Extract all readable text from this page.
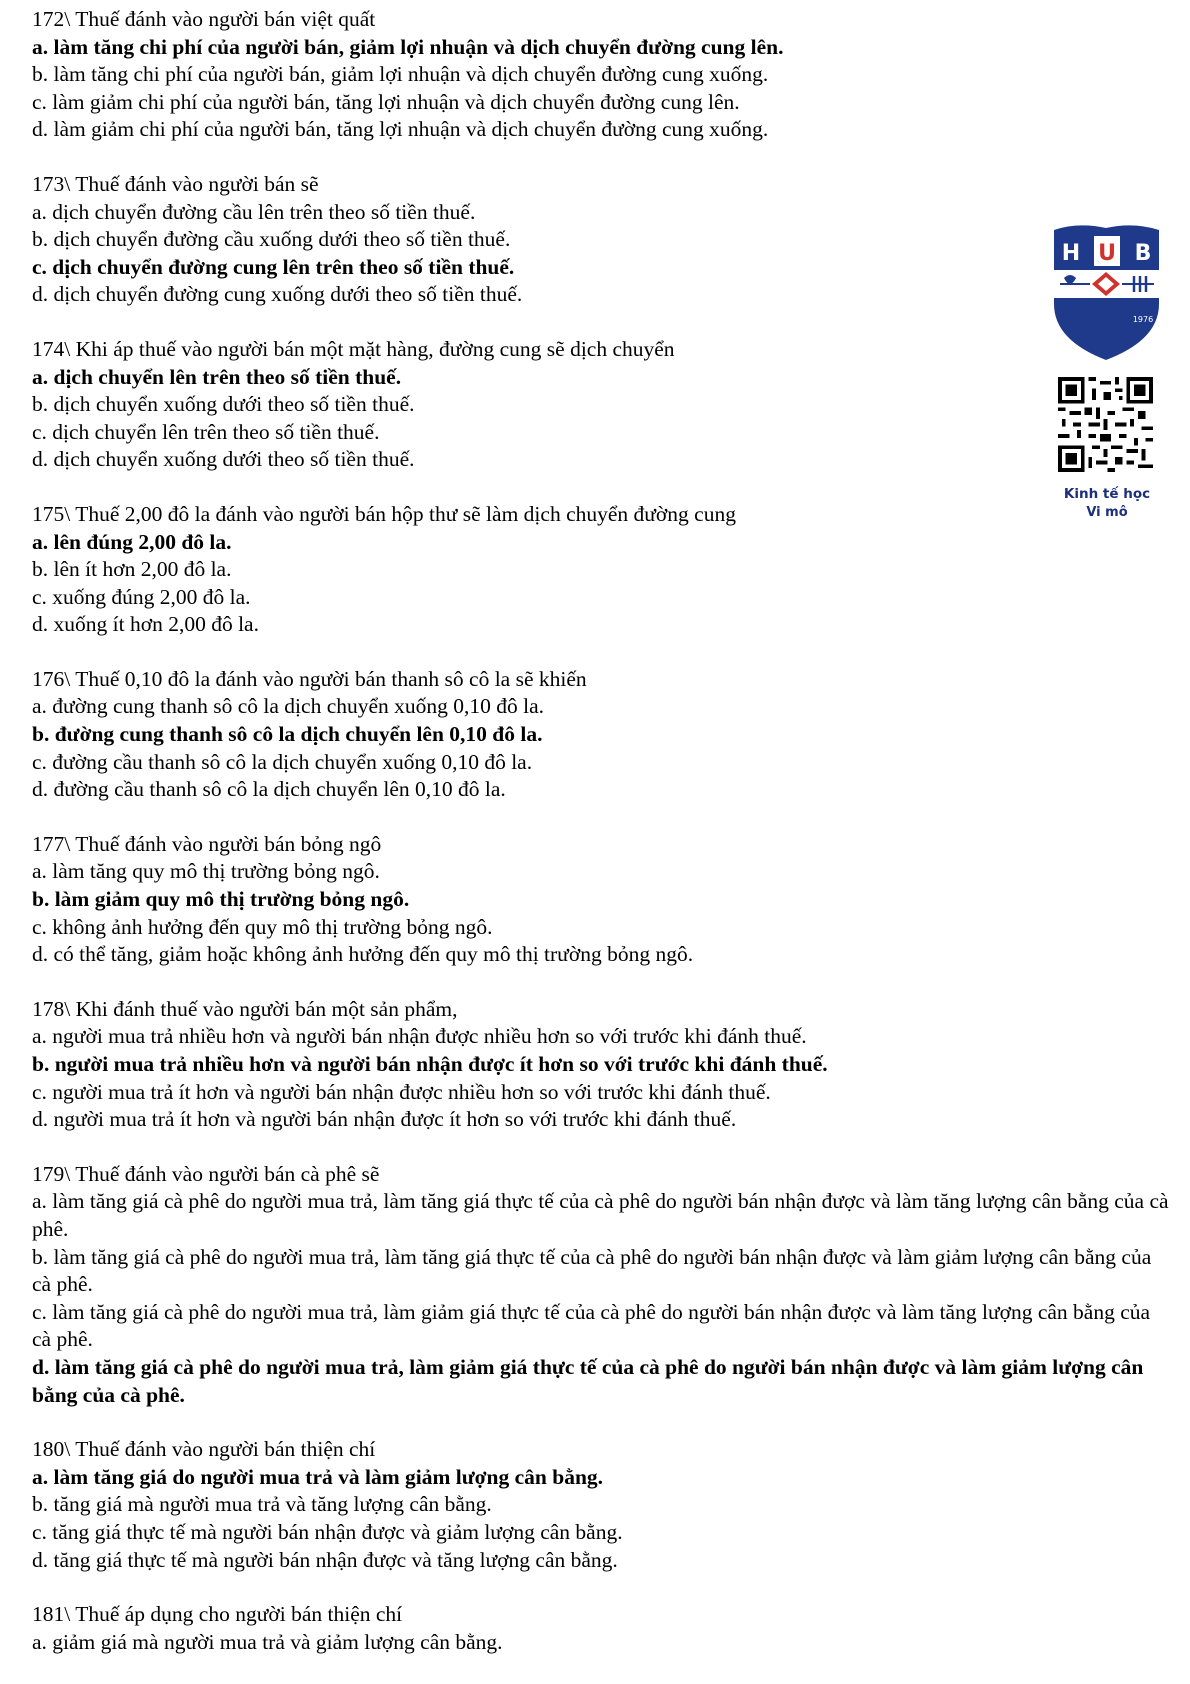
172\ Thuế đánh vào người bán việt quất
a. làm tăng chi phí của người bán, giảm lợi nhuận và dịch chuyển đường cung lên.
b. làm tăng chi phí của người bán, giảm lợi nhuận và dịch chuyển đường cung xuống.
c. làm giảm chi phí của người bán, tăng lợi nhuận và dịch chuyển đường cung lên.
d. làm giảm chi phí của người bán, tăng lợi nhuận và dịch chuyển đường cung xuống.
173\ Thuế đánh vào người bán sẽ
a. dịch chuyển đường cầu lên trên theo số tiền thuế.
b. dịch chuyển đường cầu xuống dưới theo số tiền thuế.
c. dịch chuyển đường cung lên trên theo số tiền thuế.
d. dịch chuyển đường cung xuống dưới theo số tiền thuế.
174\ Khi áp thuế vào người bán một mặt hàng, đường cung sẽ dịch chuyển
a. dịch chuyển lên trên theo số tiền thuế.
b. dịch chuyển xuống dưới theo số tiền thuế.
c. dịch chuyển lên trên theo số tiền thuế.
d. dịch chuyển xuống dưới theo số tiền thuế.
175\ Thuế 2,00 đô la đánh vào người bán hộp thư sẽ làm dịch chuyển đường cung
a. lên đúng 2,00 đô la.
b. lên ít hơn 2,00 đô la.
c. xuống đúng 2,00 đô la.
d. xuống ít hơn 2,00 đô la.
176\ Thuế 0,10 đô la đánh vào người bán thanh sô cô la sẽ khiến
a. đường cung thanh sô cô la dịch chuyển xuống 0,10 đô la.
b. đường cung thanh sô cô la dịch chuyển lên 0,10 đô la.
c. đường cầu thanh sô cô la dịch chuyển xuống 0,10 đô la.
d. đường cầu thanh sô cô la dịch chuyển lên 0,10 đô la.
177\ Thuế đánh vào người bán bỏng ngô
a. làm tăng quy mô thị trường bỏng ngô.
b. làm giảm quy mô thị trường bỏng ngô.
c. không ảnh hưởng đến quy mô thị trường bỏng ngô.
d. có thể tăng, giảm hoặc không ảnh hưởng đến quy mô thị trường bỏng ngô.
178\ Khi đánh thuế vào người bán một sản phẩm,
a. người mua trả nhiều hơn và người bán nhận được nhiều hơn so với trước khi đánh thuế.
b. người mua trả nhiều hơn và người bán nhận được ít hơn so với trước khi đánh thuế.
c. người mua trả ít hơn và người bán nhận được nhiều hơn so với trước khi đánh thuế.
d. người mua trả ít hơn và người bán nhận được ít hơn so với trước khi đánh thuế.
179\ Thuế đánh vào người bán cà phê sẽ
a. làm tăng giá cà phê do người mua trả, làm tăng giá thực tế của cà phê do người bán nhận được và làm tăng lượng cân bằng của cà phê.
b. làm tăng giá cà phê do người mua trả, làm tăng giá thực tế của cà phê do người bán nhận được và làm giảm lượng cân bằng của cà phê.
c. làm tăng giá cà phê do người mua trả, làm giảm giá thực tế của cà phê do người bán nhận được và làm tăng lượng cân bằng của cà phê.
d. làm tăng giá cà phê do người mua trả, làm giảm giá thực tế của cà phê do người bán nhận được và làm giảm lượng cân bằng của cà phê.
180\ Thuế đánh vào người bán thiện chí
a. làm tăng giá do người mua trả và làm giảm lượng cân bằng.
b. tăng giá mà người mua trả và tăng lượng cân bằng.
c. tăng giá thực tế mà người bán nhận được và giảm lượng cân bằng.
d. tăng giá thực tế mà người bán nhận được và tăng lượng cân bằng.
181\ Thuế áp dụng cho người bán thiện chí
a. giảm giá mà người mua trả và giảm lượng cân bằng.
H U B
1976
Kinh tế học
Vi mô
